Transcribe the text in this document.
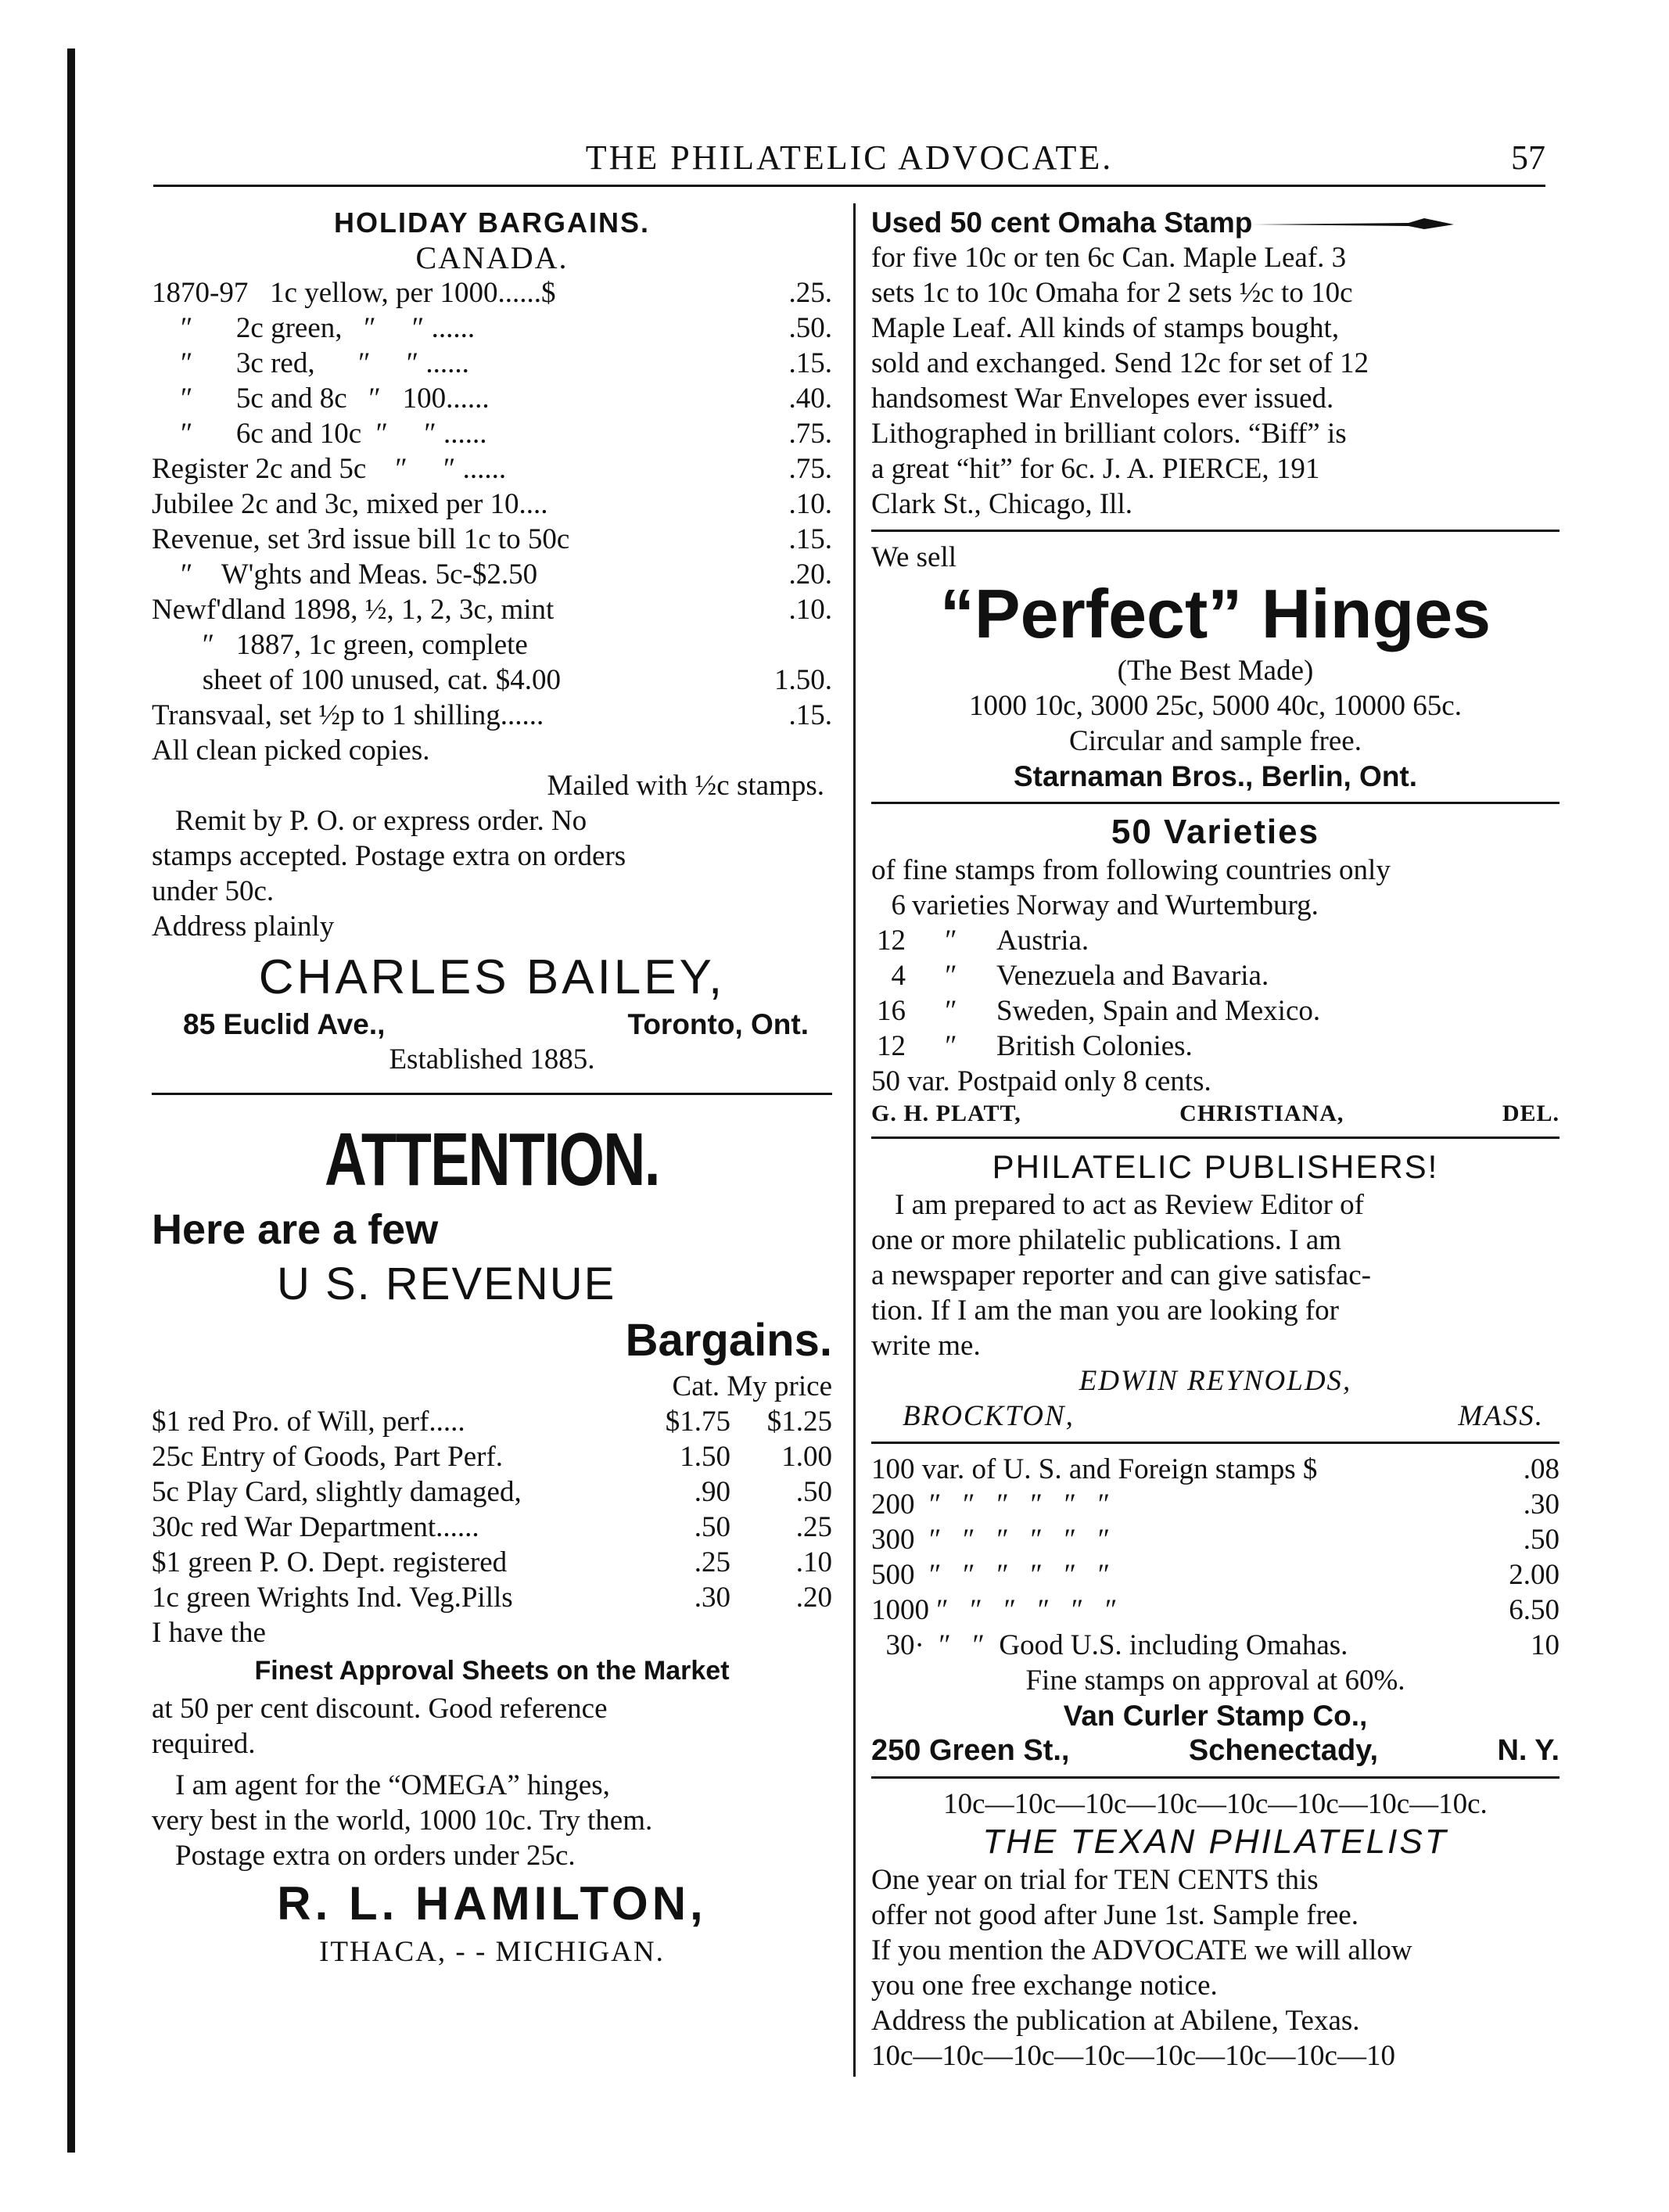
THE PHILATELIC ADVOCATE.	57
HOLIDAY BARGAINS.
CANADA.
1870-97   1c yellow, per 1000......$	.25.
″      2c green,   ″     ″ ......	.50.
″      3c red,      ″     ″ ......	.15.
″      5c and 8c   ″   100......	.40.
″      6c and 10c  ″     ″ ......	.75.
Register 2c and 5c    ″     ″ ......	.75.
Jubilee 2c and 3c, mixed per 10....	.10.
Revenue, set 3rd issue bill 1c to 50c	.15.
″    W'ghts and Meas. 5c-$2.50	.20.
Newf'dland 1898, ½, 1, 2, 3c, mint	.10.
″   1887, 1c green, complete
sheet of 100 unused, cat. $4.00	1.50.
Transvaal, set ½p to 1 shilling......	.15.
All clean picked copies.
Mailed with ½c stamps.
Remit by P. O. or express order. No
stamps accepted. Postage extra on orders
under 50c.
Address plainly
CHARLES BAILEY,
85 Euclid Ave.,	Toronto, Ont.
Established 1885.
ATTENTION.
Here are a few
U S. REVENUE
Bargains.
Cat. My price
$1 red Pro. of Will, perf.....	$1.75	$1.25
25c Entry of Goods, Part Perf.	1.50	1.00
5c Play Card, slightly damaged,	.90	.50
30c red War Department......	.50	.25
$1 green P. O. Dept. registered	.25	.10
1c green Wrights Ind. Veg.Pills	.30	.20
I have the
Finest Approval Sheets on the Market
at 50 per cent discount. Good reference
required.
I am agent for the “OMEGA” hinges,
very best in the world, 1000 10c. Try them.
Postage extra on orders under 25c.
R. L. HAMILTON,
ITHACA, - - MICHIGAN.
Used 50 cent Omaha Stamp
for five 10c or ten 6c Can. Maple Leaf. 3
sets 1c to 10c Omaha for 2 sets ½c to 10c
Maple Leaf. All kinds of stamps bought,
sold and exchanged. Send 12c for set of 12
handsomest War Envelopes ever issued.
Lithographed in brilliant colors. “Biff” is
a great “hit” for 6c. J. A. PIERCE, 191
Clark St., Chicago, Ill.
We sell
“Perfect” Hinges
(The Best Made)
1000 10c, 3000 25c, 5000 40c, 10000 65c.
Circular and sample free.
Starnaman Bros., Berlin, Ont.
50 Varieties
of fine stamps from following countries only
6 varieties Norway and Wurtemburg.
12	″	Austria.
4	″	Venezuela and Bavaria.
16	″	Sweden, Spain and Mexico.
12	″	British Colonies.
50 var. Postpaid only 8 cents.
G. H. PLATT,	CHRISTIANA,	DEL.
PHILATELIC PUBLISHERS!
I am prepared to act as Review Editor of
one or more philatelic publications. I am
a newspaper reporter and can give satisfac-
tion. If I am the man you are looking for
write me.
EDWIN REYNOLDS,
BROCKTON,	MASS.
100 var. of U. S. and Foreign stamps $	.08
200  ″   ″   ″   ″   ″   ″	.30
300  ″   ″   ″   ″   ″   ″	.50
500  ″   ″   ″   ″   ″   ″	2.00
1000 ″   ″   ″   ″   ″   ″	6.50
30·  ″   ″  Good U.S. including Omahas.	10
Fine stamps on approval at 60%.
Van Curler Stamp Co.,
250 Green St.,	Schenectady,	N. Y.
10c—10c—10c—10c—10c—10c—10c—10c.
THE TEXAN PHILATELIST
One year on trial for TEN CENTS this
offer not good after June 1st. Sample free.
If you mention the ADVOCATE we will allow
you one free exchange notice.
Address the publication at Abilene, Texas.
10c—10c—10c—10c—10c—10c—10c—10
